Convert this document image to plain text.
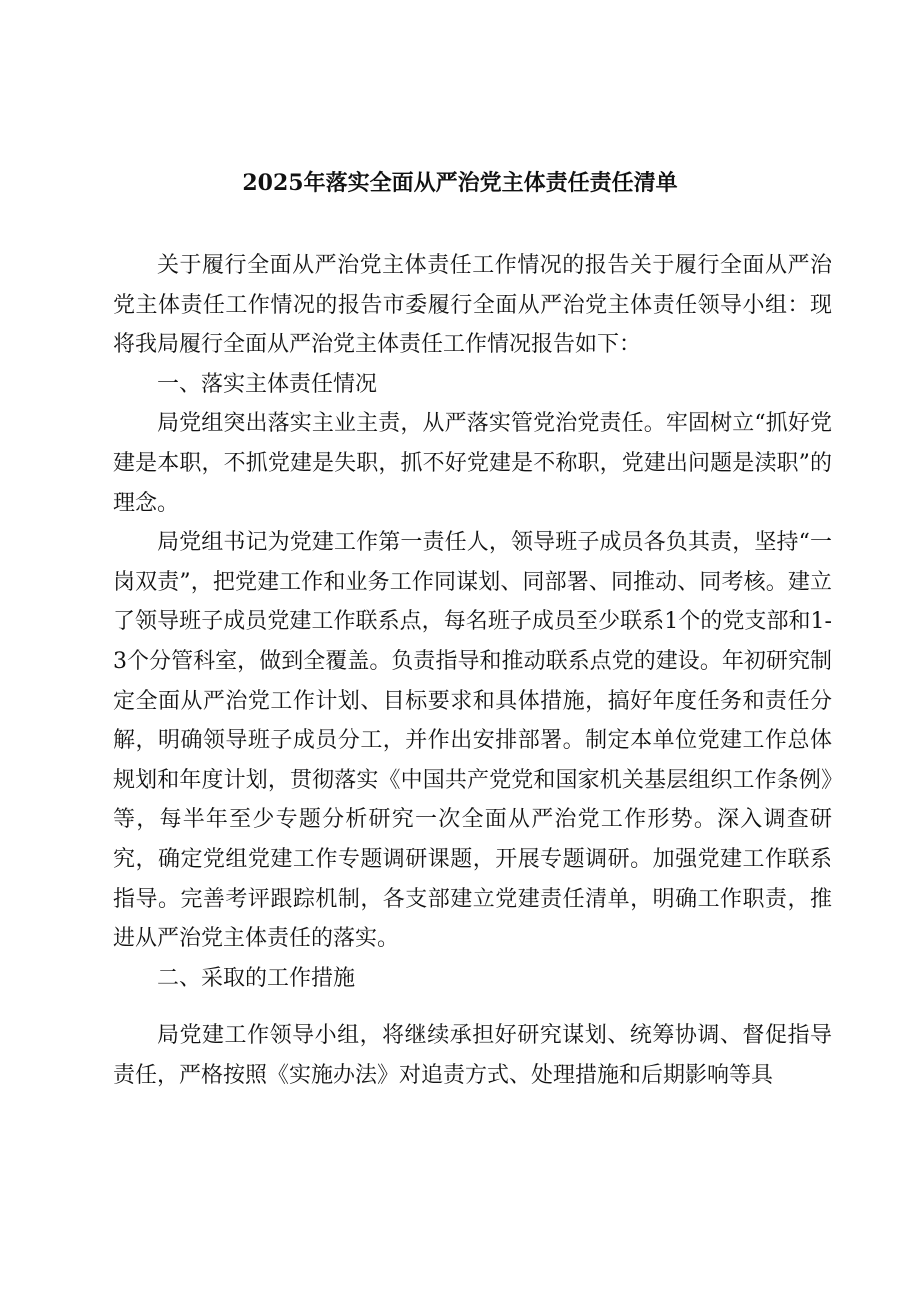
2025年落实全面从严治党主体责任责任清单

关于履行全面从严治党主体责任工作情况的报告关于履行全面从严治党主体责任工作情况的报告市委履行全面从严治党主体责任领导小组：现将我局履行全面从严治党主体责任工作情况报告如下：

一、落实主体责任情况

局党组突出落实主业主责，从严落实管党治党责任。牢固树立“抓好党建是本职，不抓党建是失职，抓不好党建是不称职，党建出问题是渎职”的理念。

局党组书记为党建工作第一责任人，领导班子成员各负其责，坚持“一岗双责”，把党建工作和业务工作同谋划、同部署、同推动、同考核。建立了领导班子成员党建工作联系点，每名班子成员至少联系1个的党支部和1-3个分管科室，做到全覆盖。负责指导和推动联系点党的建设。年初研究制定全面从严治党工作计划、目标要求和具体措施，搞好年度任务和责任分解，明确领导班子成员分工，并作出安排部署。制定本单位党建工作总体规划和年度计划，贯彻落实《中国共产党党和国家机关基层组织工作条例》等，每半年至少专题分析研究一次全面从严治党工作形势。深入调查研究，确定党组党建工作专题调研课题，开展专题调研。加强党建工作联系指导。完善考评跟踪机制，各支部建立党建责任清单，明确工作职责，推进从严治党主体责任的落实。

二、采取的工作措施

局党建工作领导小组，将继续承担好研究谋划、统筹协调、督促指导责任，严格按照《实施办法》对追责方式、处理措施和后期影响等具
